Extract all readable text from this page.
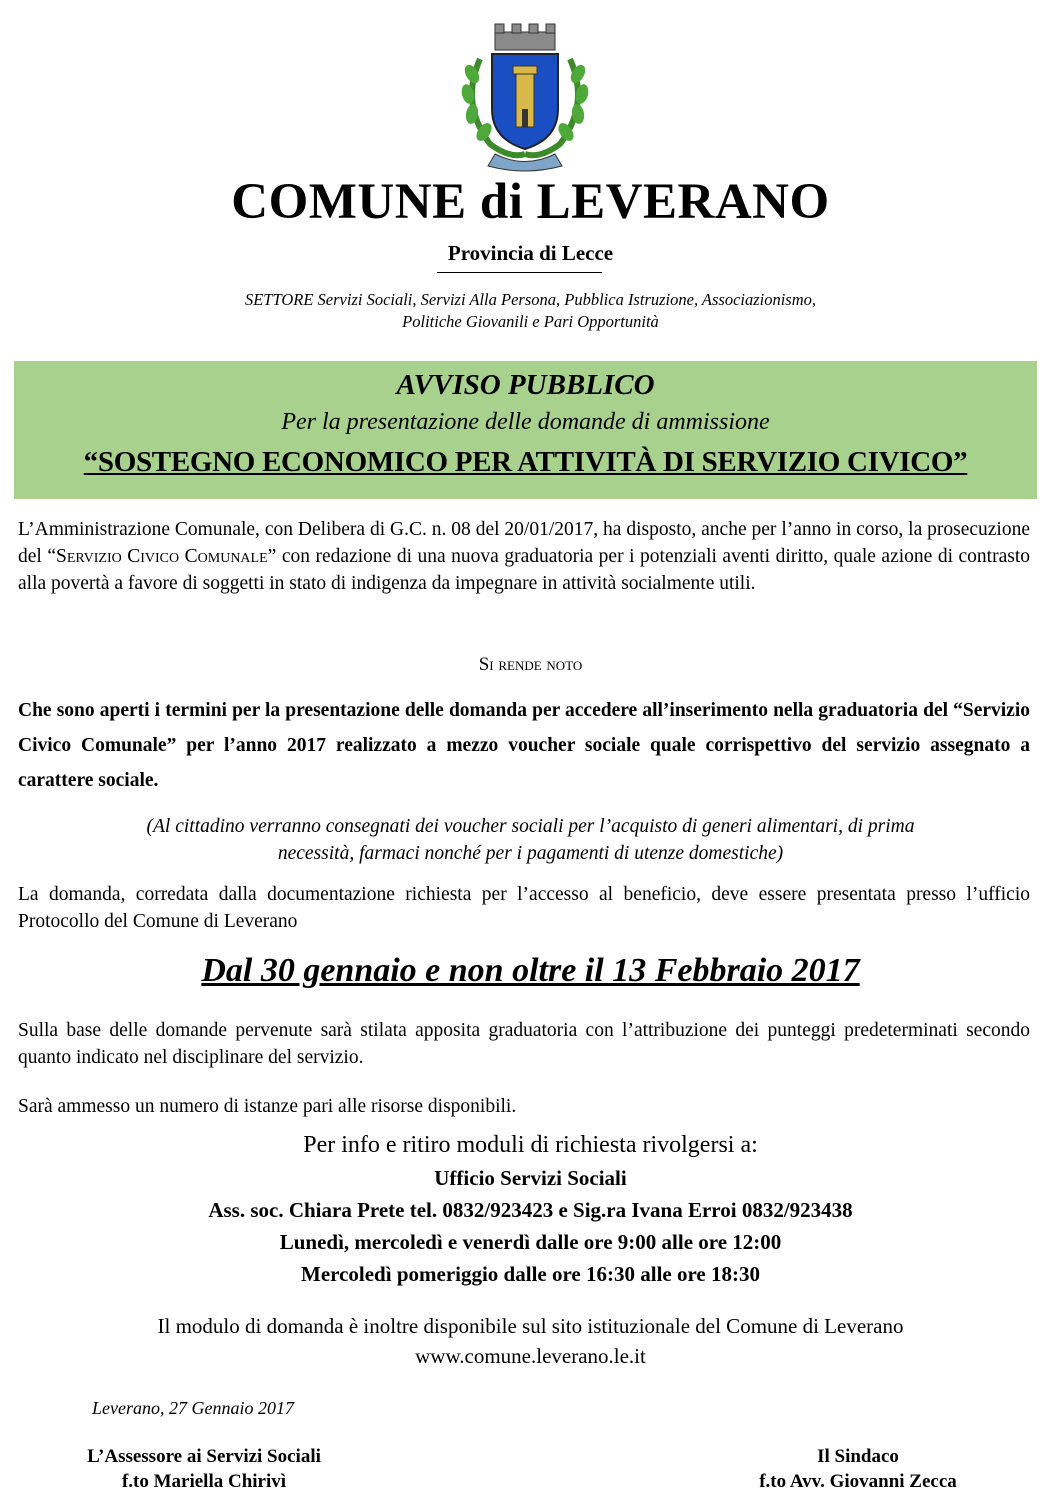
COMUNE di LEVERANO
Provincia di Lecce
SETTORE Servizi Sociali, Servizi Alla Persona, Pubblica Istruzione, Associazionismo,
Politiche Giovanili e Pari Opportunità
AVVISO PUBBLICO
Per la presentazione delle domande di ammissione
“SOSTEGNO ECONOMICO PER ATTIVITÀ DI SERVIZIO CIVICO”
L’Amministrazione Comunale, con Delibera di G.C. n. 08 del 20/01/2017, ha disposto, anche per l’anno in corso, la prosecuzione del “Servizio Civico Comunale” con redazione di una nuova graduatoria per i potenziali aventi diritto, quale azione di contrasto alla povertà a favore di soggetti in stato di indigenza da impegnare in attività socialmente utili.
Si rende noto
Che sono aperti i termini per la presentazione delle domanda per accedere all’inserimento nella graduatoria del “Servizio Civico Comunale” per l’anno 2017 realizzato a mezzo voucher sociale quale corrispettivo del servizio assegnato a carattere sociale.
(Al cittadino verranno consegnati dei voucher sociali per l’acquisto di generi alimentari, di prima
necessità, farmaci nonché per i pagamenti di utenze domestiche)
La domanda, corredata dalla documentazione richiesta per l’accesso al beneficio, deve essere presentata presso l’ufficio Protocollo del Comune di Leverano
Dal 30 gennaio e non oltre il 13 Febbraio 2017
Sulla base delle domande pervenute sarà stilata apposita graduatoria con l’attribuzione dei punteggi predeterminati secondo quanto indicato nel disciplinare del servizio.
Sarà ammesso un numero di istanze pari alle risorse disponibili.
Per info e ritiro moduli di richiesta rivolgersi a:
Ufficio Servizi Sociali
Ass. soc. Chiara Prete tel. 0832/923423 e Sig.ra Ivana Erroi 0832/923438
Lunedì, mercoledì e venerdì dalle ore 9:00 alle ore 12:00
Mercoledì pomeriggio dalle ore 16:30 alle ore 18:30
Il modulo di domanda è inoltre disponibile sul sito istituzionale del Comune di Leverano
www.comune.leverano.le.it
Leverano, 27 Gennaio 2017
L’Assessore ai Servizi Sociali
f.to Mariella Chirivì
Il Sindaco
f.to Avv. Giovanni Zecca
